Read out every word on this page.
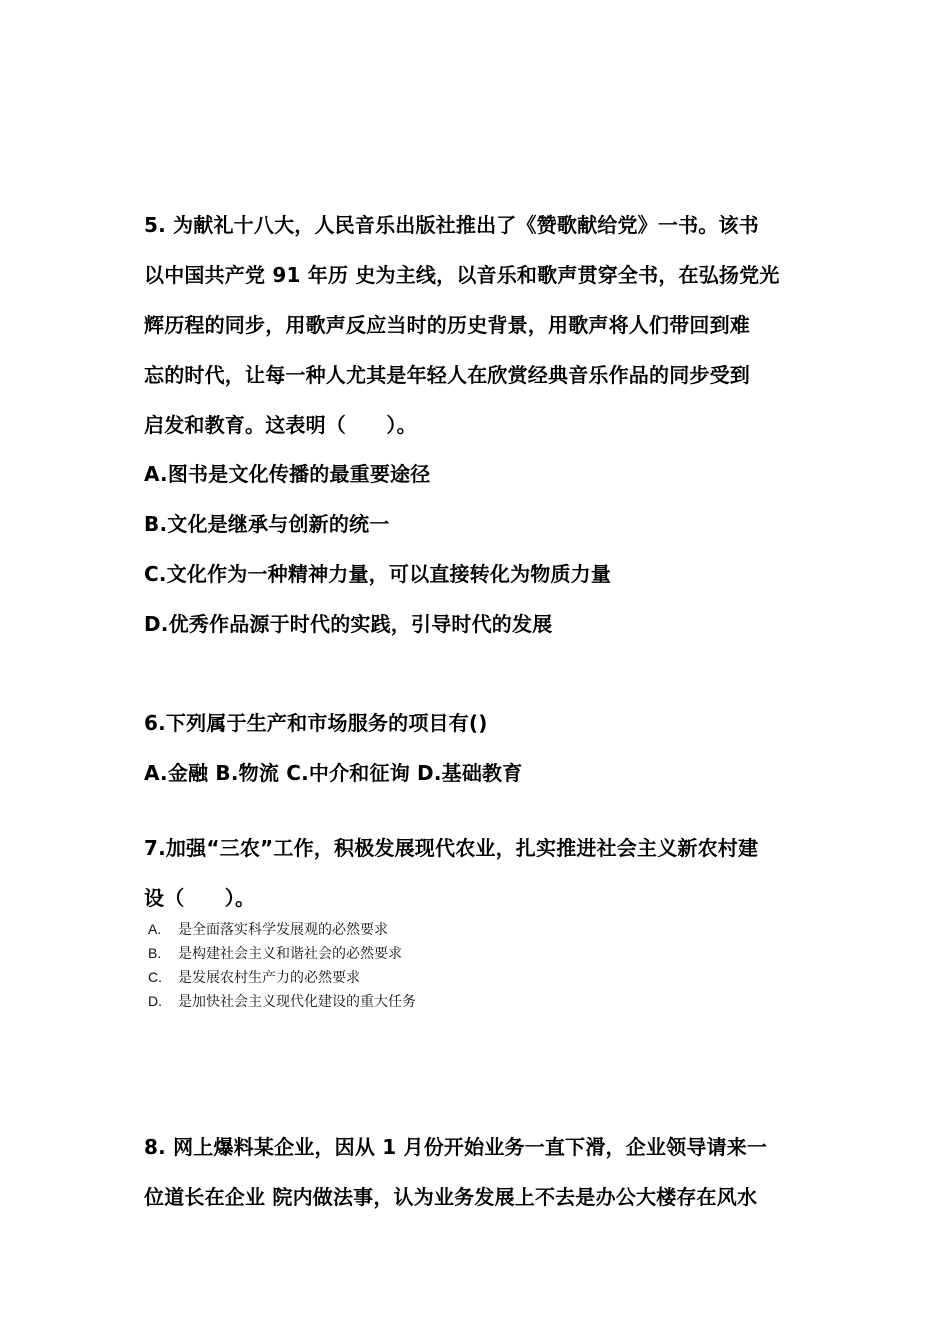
5. 为献礼十八大，人民音乐出版社推出了《赞歌献给党》一书。该书
以中国共产党 91 年历 史为主线，以音乐和歌声贯穿全书，在弘扬党光
辉历程的同步，用歌声反应当时的历史背景，用歌声将人们带回到难
忘的时代，让每一种人尤其是年轻人在欣赏经典音乐作品的同步受到
启发和教育。这表明（　　）。
A.图书是文化传播的最重要途径
B.文化是继承与创新的统一
C.文化作为一种精神力量，可以直接转化为物质力量
D.优秀作品源于时代的实践，引导时代的发展
6.下列属于生产和市场服务的项目有()
A.金融 B.物流 C.中介和征询 D.基础教育
7.加强“三农”工作，积极发展现代农业，扎实推进社会主义新农村建
设（　　）。
A. 是全面落实科学发展观的必然要求
B. 是构建社会主义和谐社会的必然要求
C. 是发展农村生产力的必然要求
D. 是加快社会主义现代化建设的重大任务
8. 网上爆料某企业，因从 1 月份开始业务一直下滑，企业领导请来一
位道长在企业 院内做法事，认为业务发展上不去是办公大楼存在风水
